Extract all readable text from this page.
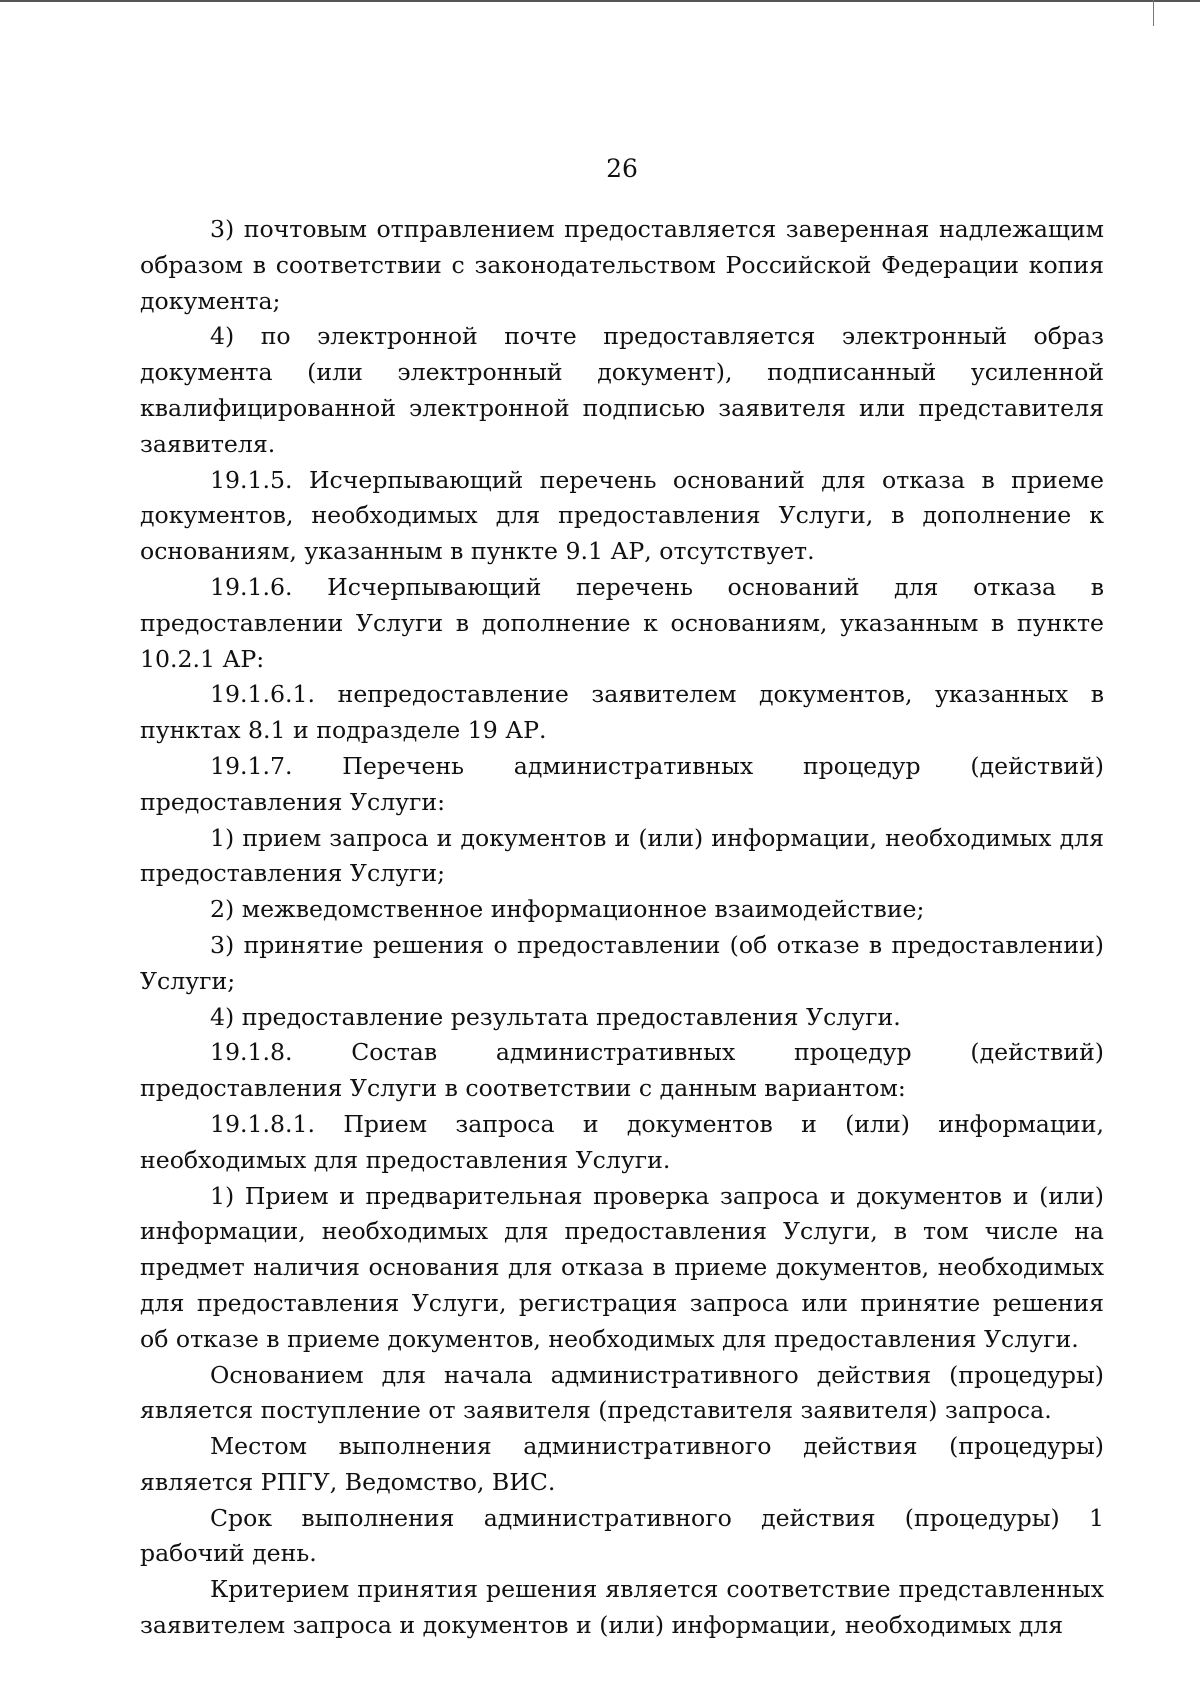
26

3) почтовым отправлением предоставляется заверенная надлежащим образом в соответствии с законодательством Российской Федерации копия документа;

4) по электронной почте предоставляется электронный образ документа (или электронный документ), подписанный усиленной квалифицированной электронной подписью заявителя или представителя заявителя.

19.1.5. Исчерпывающий перечень оснований для отказа в приеме документов, необходимых для предоставления Услуги, в дополнение к основаниям, указанным в пункте 9.1 АР, отсутствует.

19.1.6. Исчерпывающий перечень оснований для отказа в предоставлении Услуги в дополнение к основаниям, указанным в пункте 10.2.1 АР:

19.1.6.1. непредоставление заявителем документов, указанных в пунктах 8.1 и подразделе 19 АР.

19.1.7. Перечень административных процедур (действий) предоставления Услуги:

1) прием запроса и документов и (или) информации, необходимых для предоставления Услуги;

2) межведомственное информационное взаимодействие;

3) принятие решения о предоставлении (об отказе в предоставлении) Услуги;

4) предоставление результата предоставления Услуги.

19.1.8. Состав административных процедур (действий) предоставления Услуги в соответствии с данным вариантом:

19.1.8.1. Прием запроса и документов и (или) информации, необходимых для предоставления Услуги.

1) Прием и предварительная проверка запроса и документов и (или) информации, необходимых для предоставления Услуги, в том числе на предмет наличия основания для отказа в приеме документов, необходимых для предоставления Услуги, регистрация запроса или принятие решения об отказе в приеме документов, необходимых для предоставления Услуги.

Основанием для начала административного действия (процедуры) является поступление от заявителя (представителя заявителя) запроса.

Местом выполнения административного действия (процедуры) является РПГУ, Ведомство, ВИС.

Срок выполнения административного действия (процедуры) 1 рабочий день.

Критерием принятия решения является соответствие представленных заявителем запроса и документов и (или) информации, необходимых для
